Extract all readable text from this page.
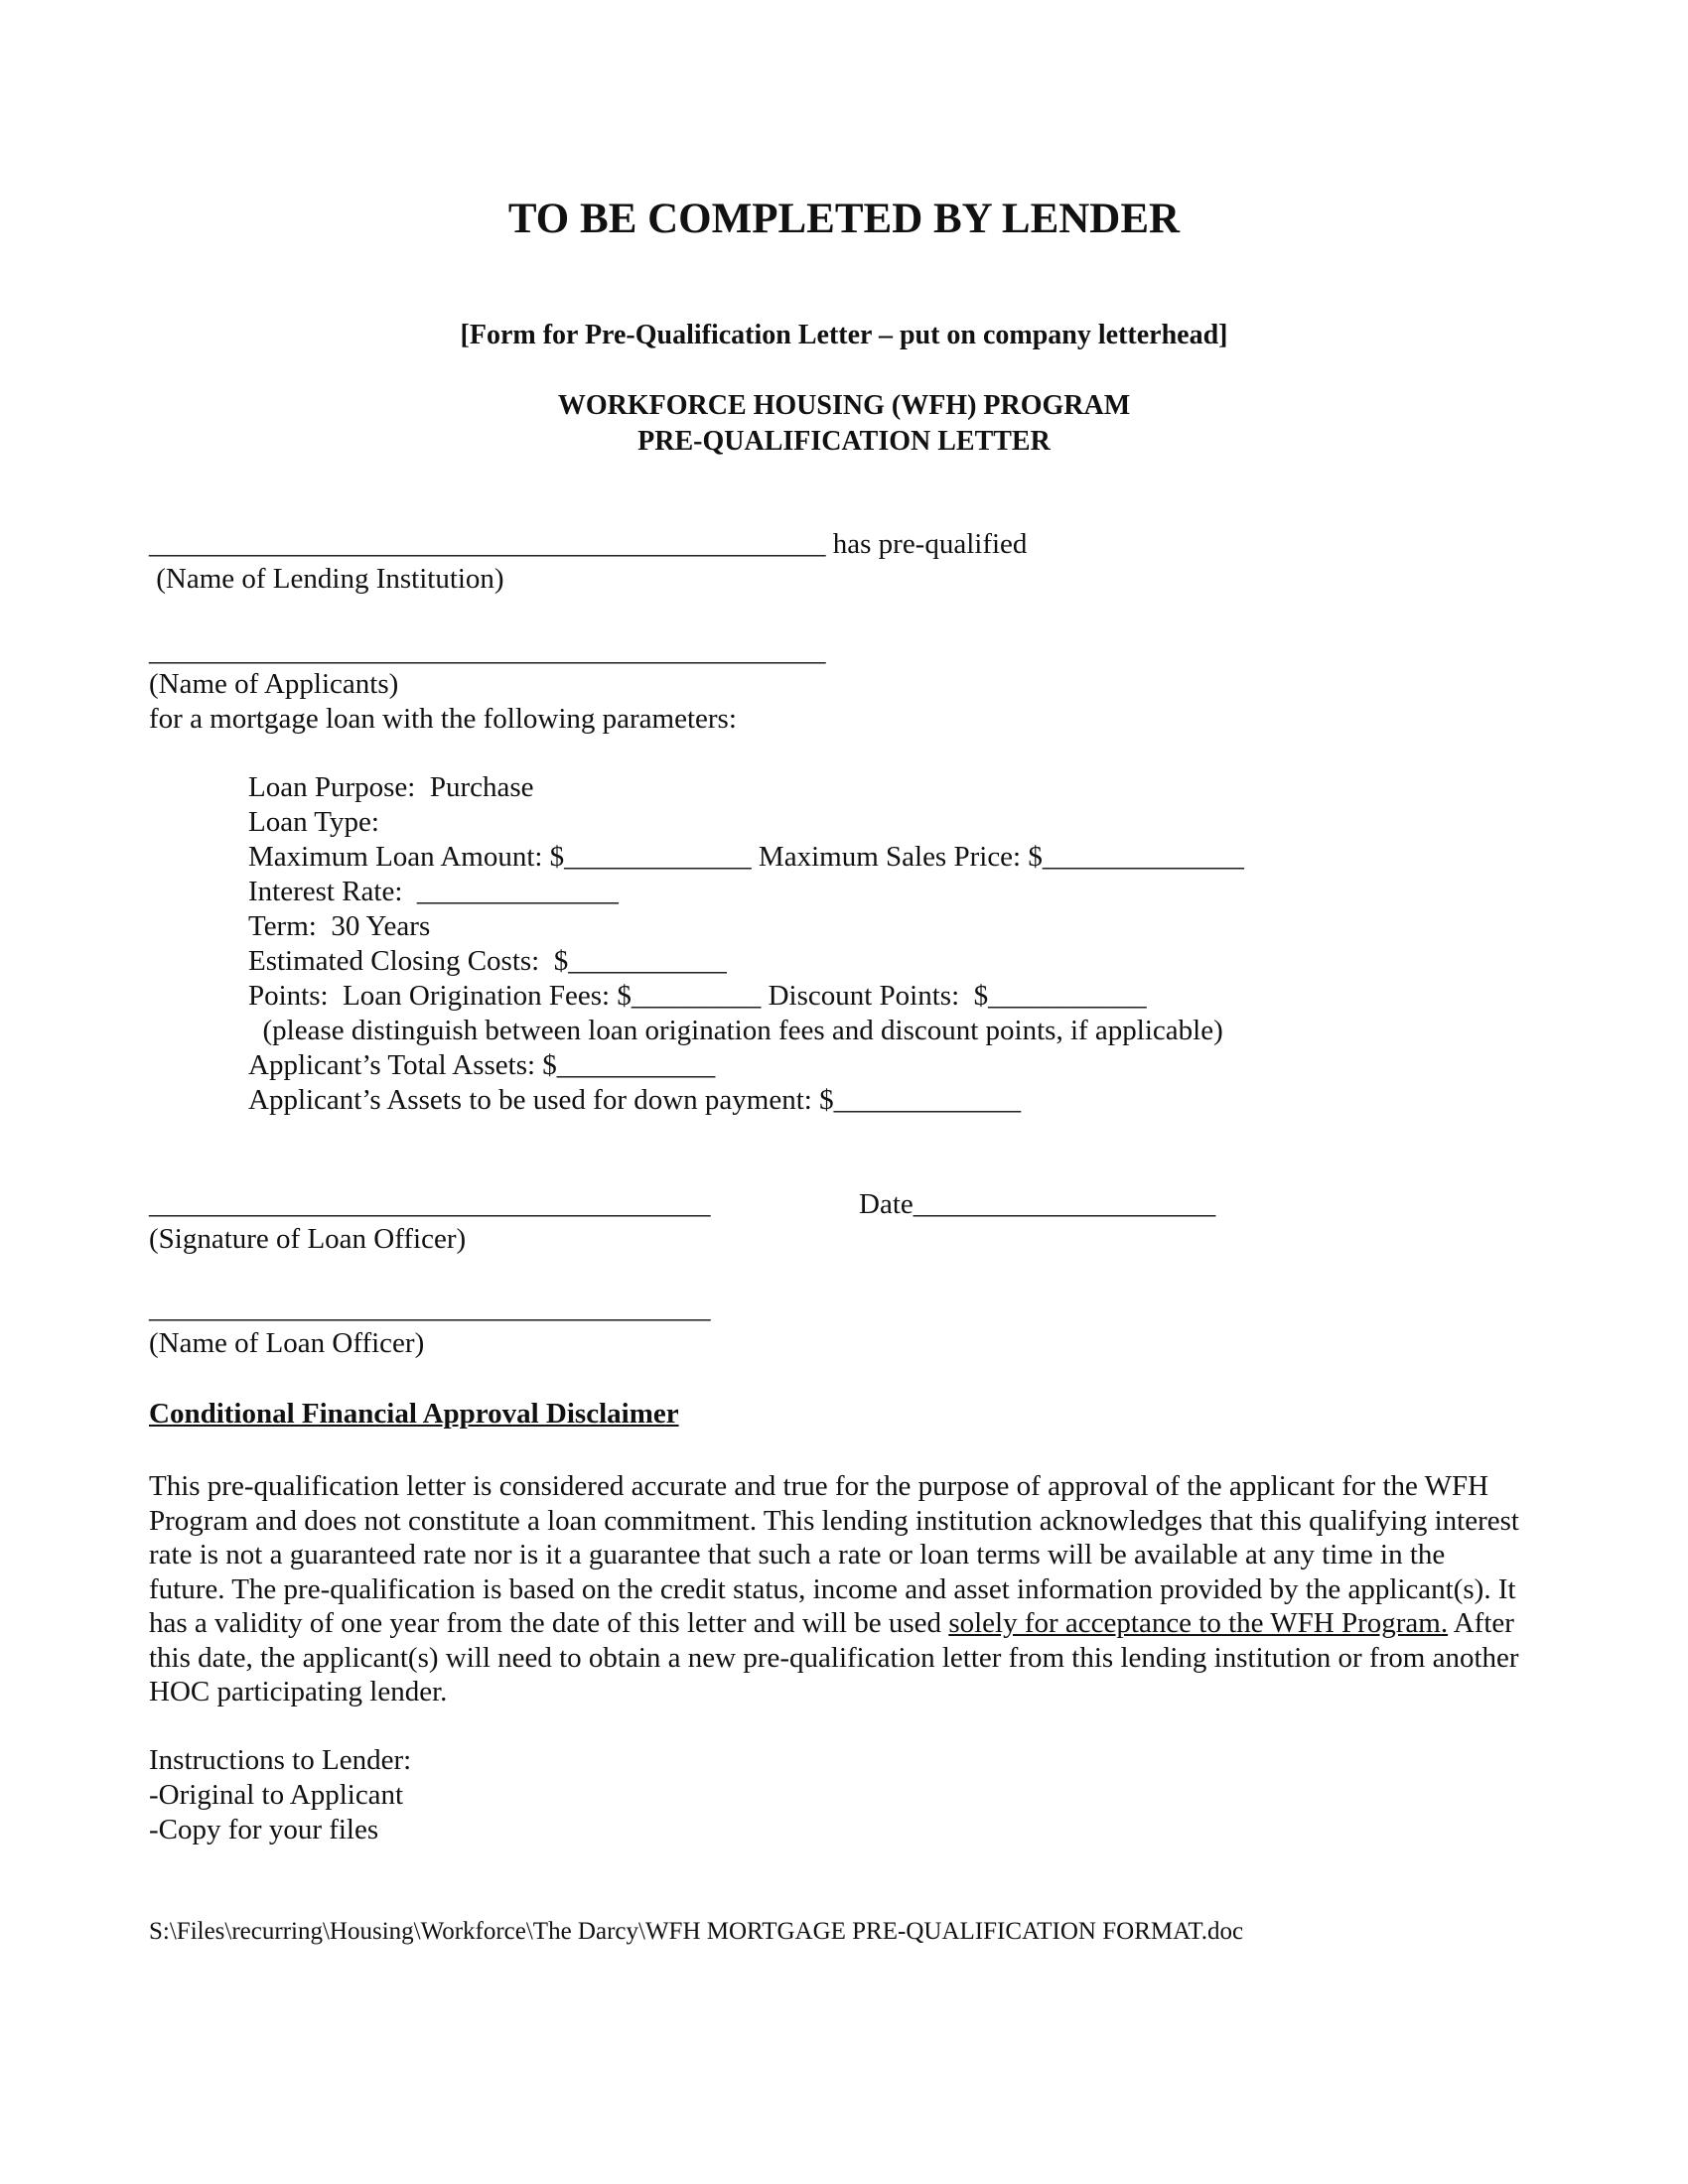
TO BE COMPLETED BY LENDER
[Form for Pre-Qualification Letter – put on company letterhead]
WORKFORCE HOUSING (WFH) PROGRAM
PRE-QUALIFICATION LETTER
_______________________________________________ has pre-qualified
(Name of Lending Institution)
_______________________________________________
(Name of Applicants)
for a mortgage loan with the following parameters:
Loan Purpose:  Purchase
Loan Type:
Maximum Loan Amount: $_____________ Maximum Sales Price: $______________
Interest Rate:  ______________
Term:  30 Years
Estimated Closing Costs:  $___________
Points:  Loan Origination Fees: $_________ Discount Points:  $___________
(please distinguish between loan origination fees and discount points, if applicable)
Applicant’s Total Assets: $___________
Applicant’s Assets to be used for down payment: $_____________
_______________________________________	Date_____________________
(Signature of Loan Officer)
_______________________________________
(Name of Loan Officer)
Conditional Financial Approval Disclaimer
This pre-qualification letter is considered accurate and true for the purpose of approval of the applicant for the WFH Program and does not constitute a loan commitment. This lending institution acknowledges that this qualifying interest rate is not a guaranteed rate nor is it a guarantee that such a rate or loan terms will be available at any time in the future. The pre-qualification is based on the credit status, income and asset information provided by the applicant(s). It has a validity of one year from the date of this letter and will be used solely for acceptance to the WFH Program. After this date, the applicant(s) will need to obtain a new pre-qualification letter from this lending institution or from another HOC participating lender.
Instructions to Lender:
-Original to Applicant
-Copy for your files
S:\Files\recurring\Housing\Workforce\The Darcy\WFH MORTGAGE PRE-QUALIFICATION FORMAT.doc
